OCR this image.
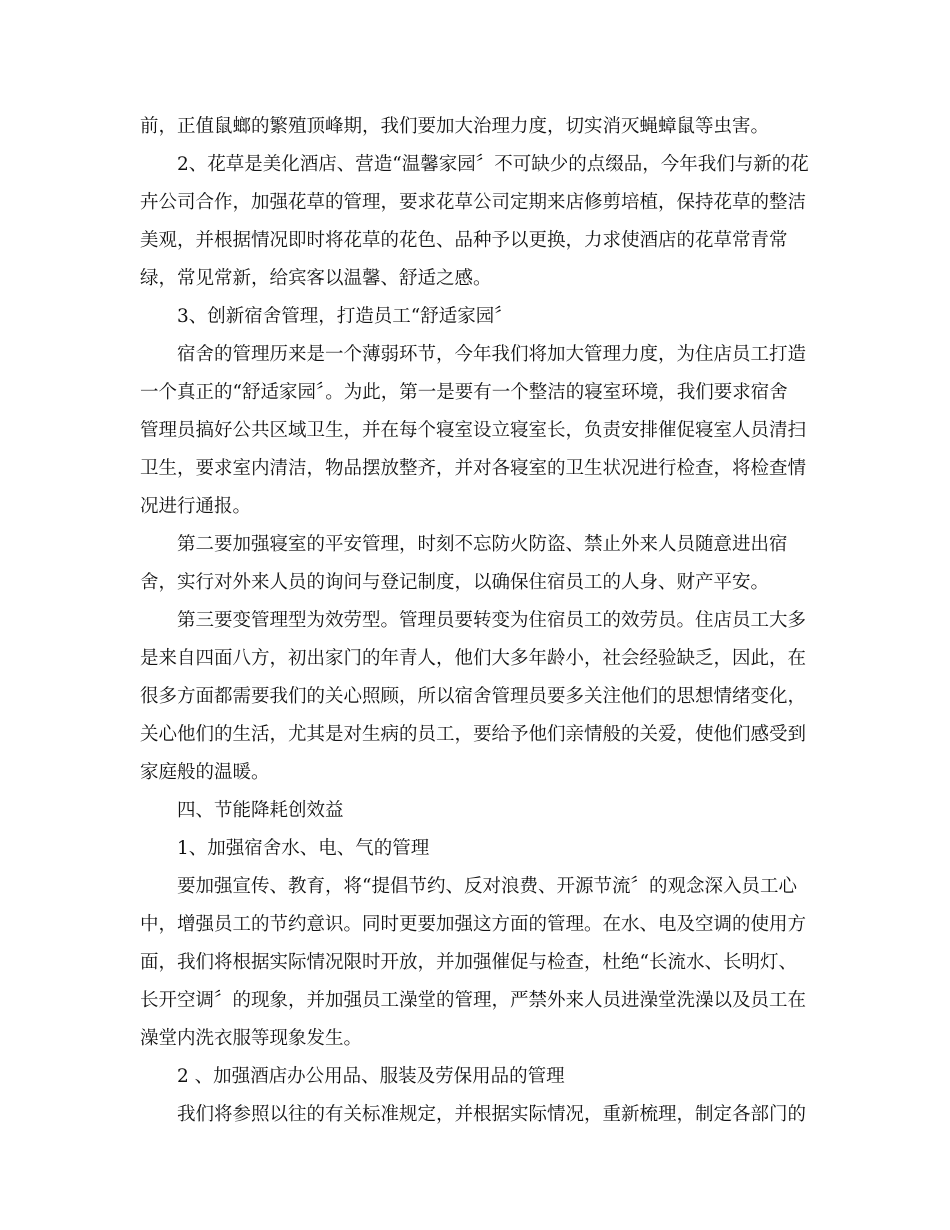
前，正值鼠螂的繁殖顶峰期，我们要加大治理力度，切实消灭蝇蟑鼠等虫害。
2、花草是美化酒店、营造“温馨家园〞不可缺少的点缀品，今年我们与新的花
卉公司合作，加强花草的管理，要求花草公司定期来店修剪培植，保持花草的整洁
美观，并根据情况即时将花草的花色、品种予以更换，力求使酒店的花草常青常
绿，常见常新，给宾客以温馨、舒适之感。
3、创新宿舍管理，打造员工“舒适家园〞
宿舍的管理历来是一个薄弱环节，今年我们将加大管理力度，为住店员工打造
一个真正的“舒适家园〞。为此，第一是要有一个整洁的寝室环境，我们要求宿舍
管理员搞好公共区域卫生，并在每个寝室设立寝室长，负责安排催促寝室人员清扫
卫生，要求室内清洁，物品摆放整齐，并对各寝室的卫生状况进行检查，将检查情
况进行通报。
第二要加强寝室的平安管理，时刻不忘防火防盗、禁止外来人员随意进出宿
舍，实行对外来人员的询问与登记制度，以确保住宿员工的人身、财产平安。
第三要变管理型为效劳型。管理员要转变为住宿员工的效劳员。住店员工大多
是来自四面八方，初出家门的年青人，他们大多年龄小，社会经验缺乏，因此，在
很多方面都需要我们的关心照顾，所以宿舍管理员要多关注他们的思想情绪变化，
关心他们的生活，尤其是对生病的员工，要给予他们亲情般的关爱，使他们感受到
家庭般的温暖。
四、节能降耗创效益
1、加强宿舍水、电、气的管理
要加强宣传、教育，将“提倡节约、反对浪费、开源节流〞的观念深入员工心
中，增强员工的节约意识。同时更要加强这方面的管理。在水、电及空调的使用方
面，我们将根据实际情况限时开放，并加强催促与检查，杜绝“长流水、长明灯、
长开空调〞的现象，并加强员工澡堂的管理，严禁外来人员进澡堂洗澡以及员工在
澡堂内洗衣服等现象发生。
2 、加强酒店办公用品、服装及劳保用品的管理
我们将参照以往的有关标准规定，并根据实际情况，重新梳理，制定各部门的
